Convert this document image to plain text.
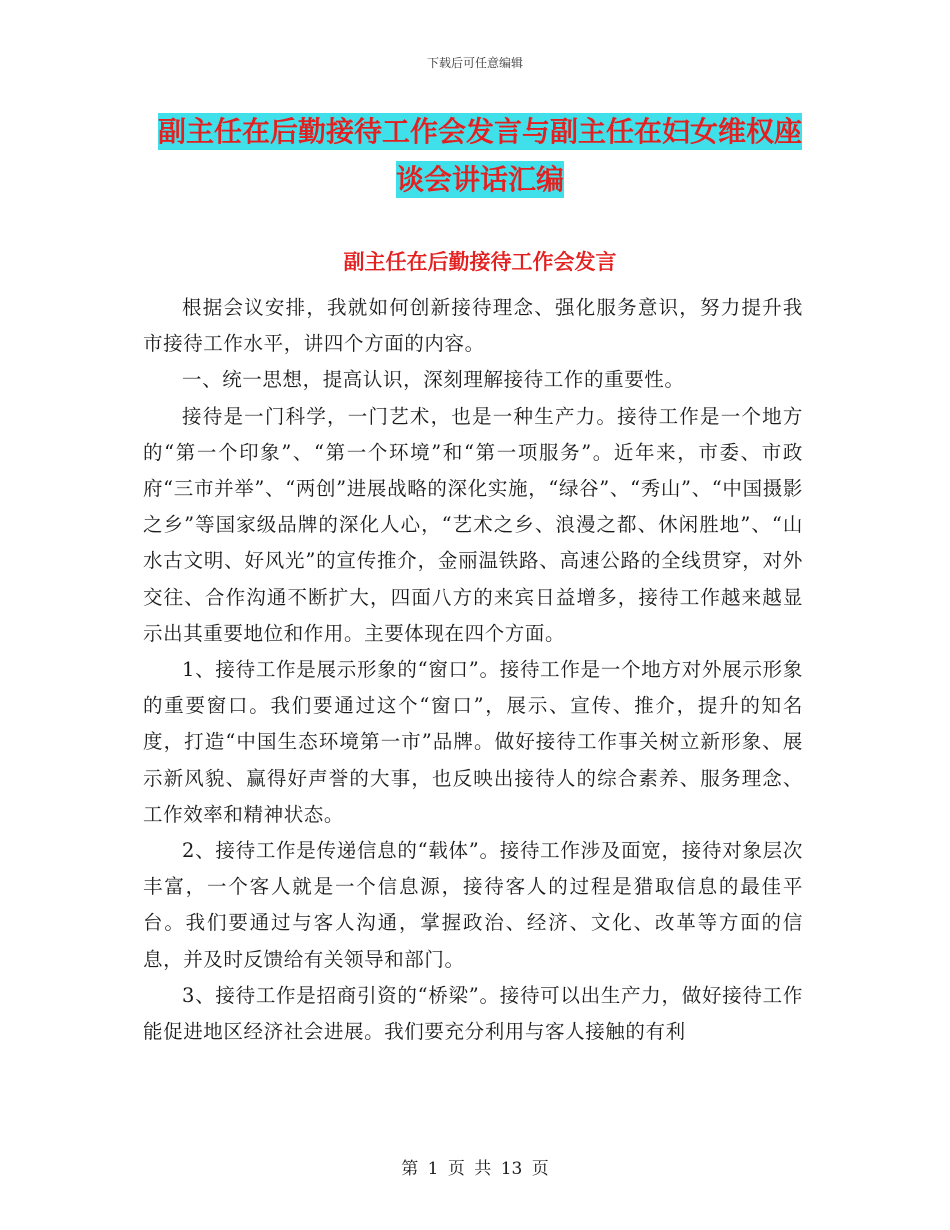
下载后可任意编辑
副主任在后勤接待工作会发言与副主任在妇女维权座
谈会讲话汇编
副主任在后勤接待工作会发言

根据会议安排，我就如何创新接待理念、强化服务意识，努力提升我市接待工作水平，讲四个方面的内容。

一、统一思想，提高认识，深刻理解接待工作的重要性。

接待是一门科学，一门艺术，也是一种生产力。接待工作是一个地方的“第一个印象”、“第一个环境”和“第一项服务”。近年来，市委、市政府“三市并举”、“两创”进展战略的深化实施，“绿谷”、“秀山”、“中国摄影之乡”等国家级品牌的深化人心，“艺术之乡、浪漫之都、休闲胜地”、“山水古文明、好风光”的宣传推介，金丽温铁路、高速公路的全线贯穿，对外交往、合作沟通不断扩大，四面八方的来宾日益增多，接待工作越来越显示出其重要地位和作用。主要体现在四个方面。

1、接待工作是展示形象的“窗口”。接待工作是一个地方对外展示形象的重要窗口。我们要通过这个“窗口”，展示、宣传、推介，提升的知名度，打造“中国生态环境第一市”品牌。做好接待工作事关树立新形象、展示新风貌、赢得好声誉的大事，也反映出接待人的综合素养、服务理念、工作效率和精神状态。

2、接待工作是传递信息的“载体”。接待工作涉及面宽，接待对象层次丰富，一个客人就是一个信息源，接待客人的过程是猎取信息的最佳平台。我们要通过与客人沟通，掌握政治、经济、文化、改革等方面的信息，并及时反馈给有关领导和部门。

3、接待工作是招商引资的“桥梁”。接待可以出生产力，做好接待工作能促进地区经济社会进展。我们要充分利用与客人接触的有利

第 1 页 共 13 页
